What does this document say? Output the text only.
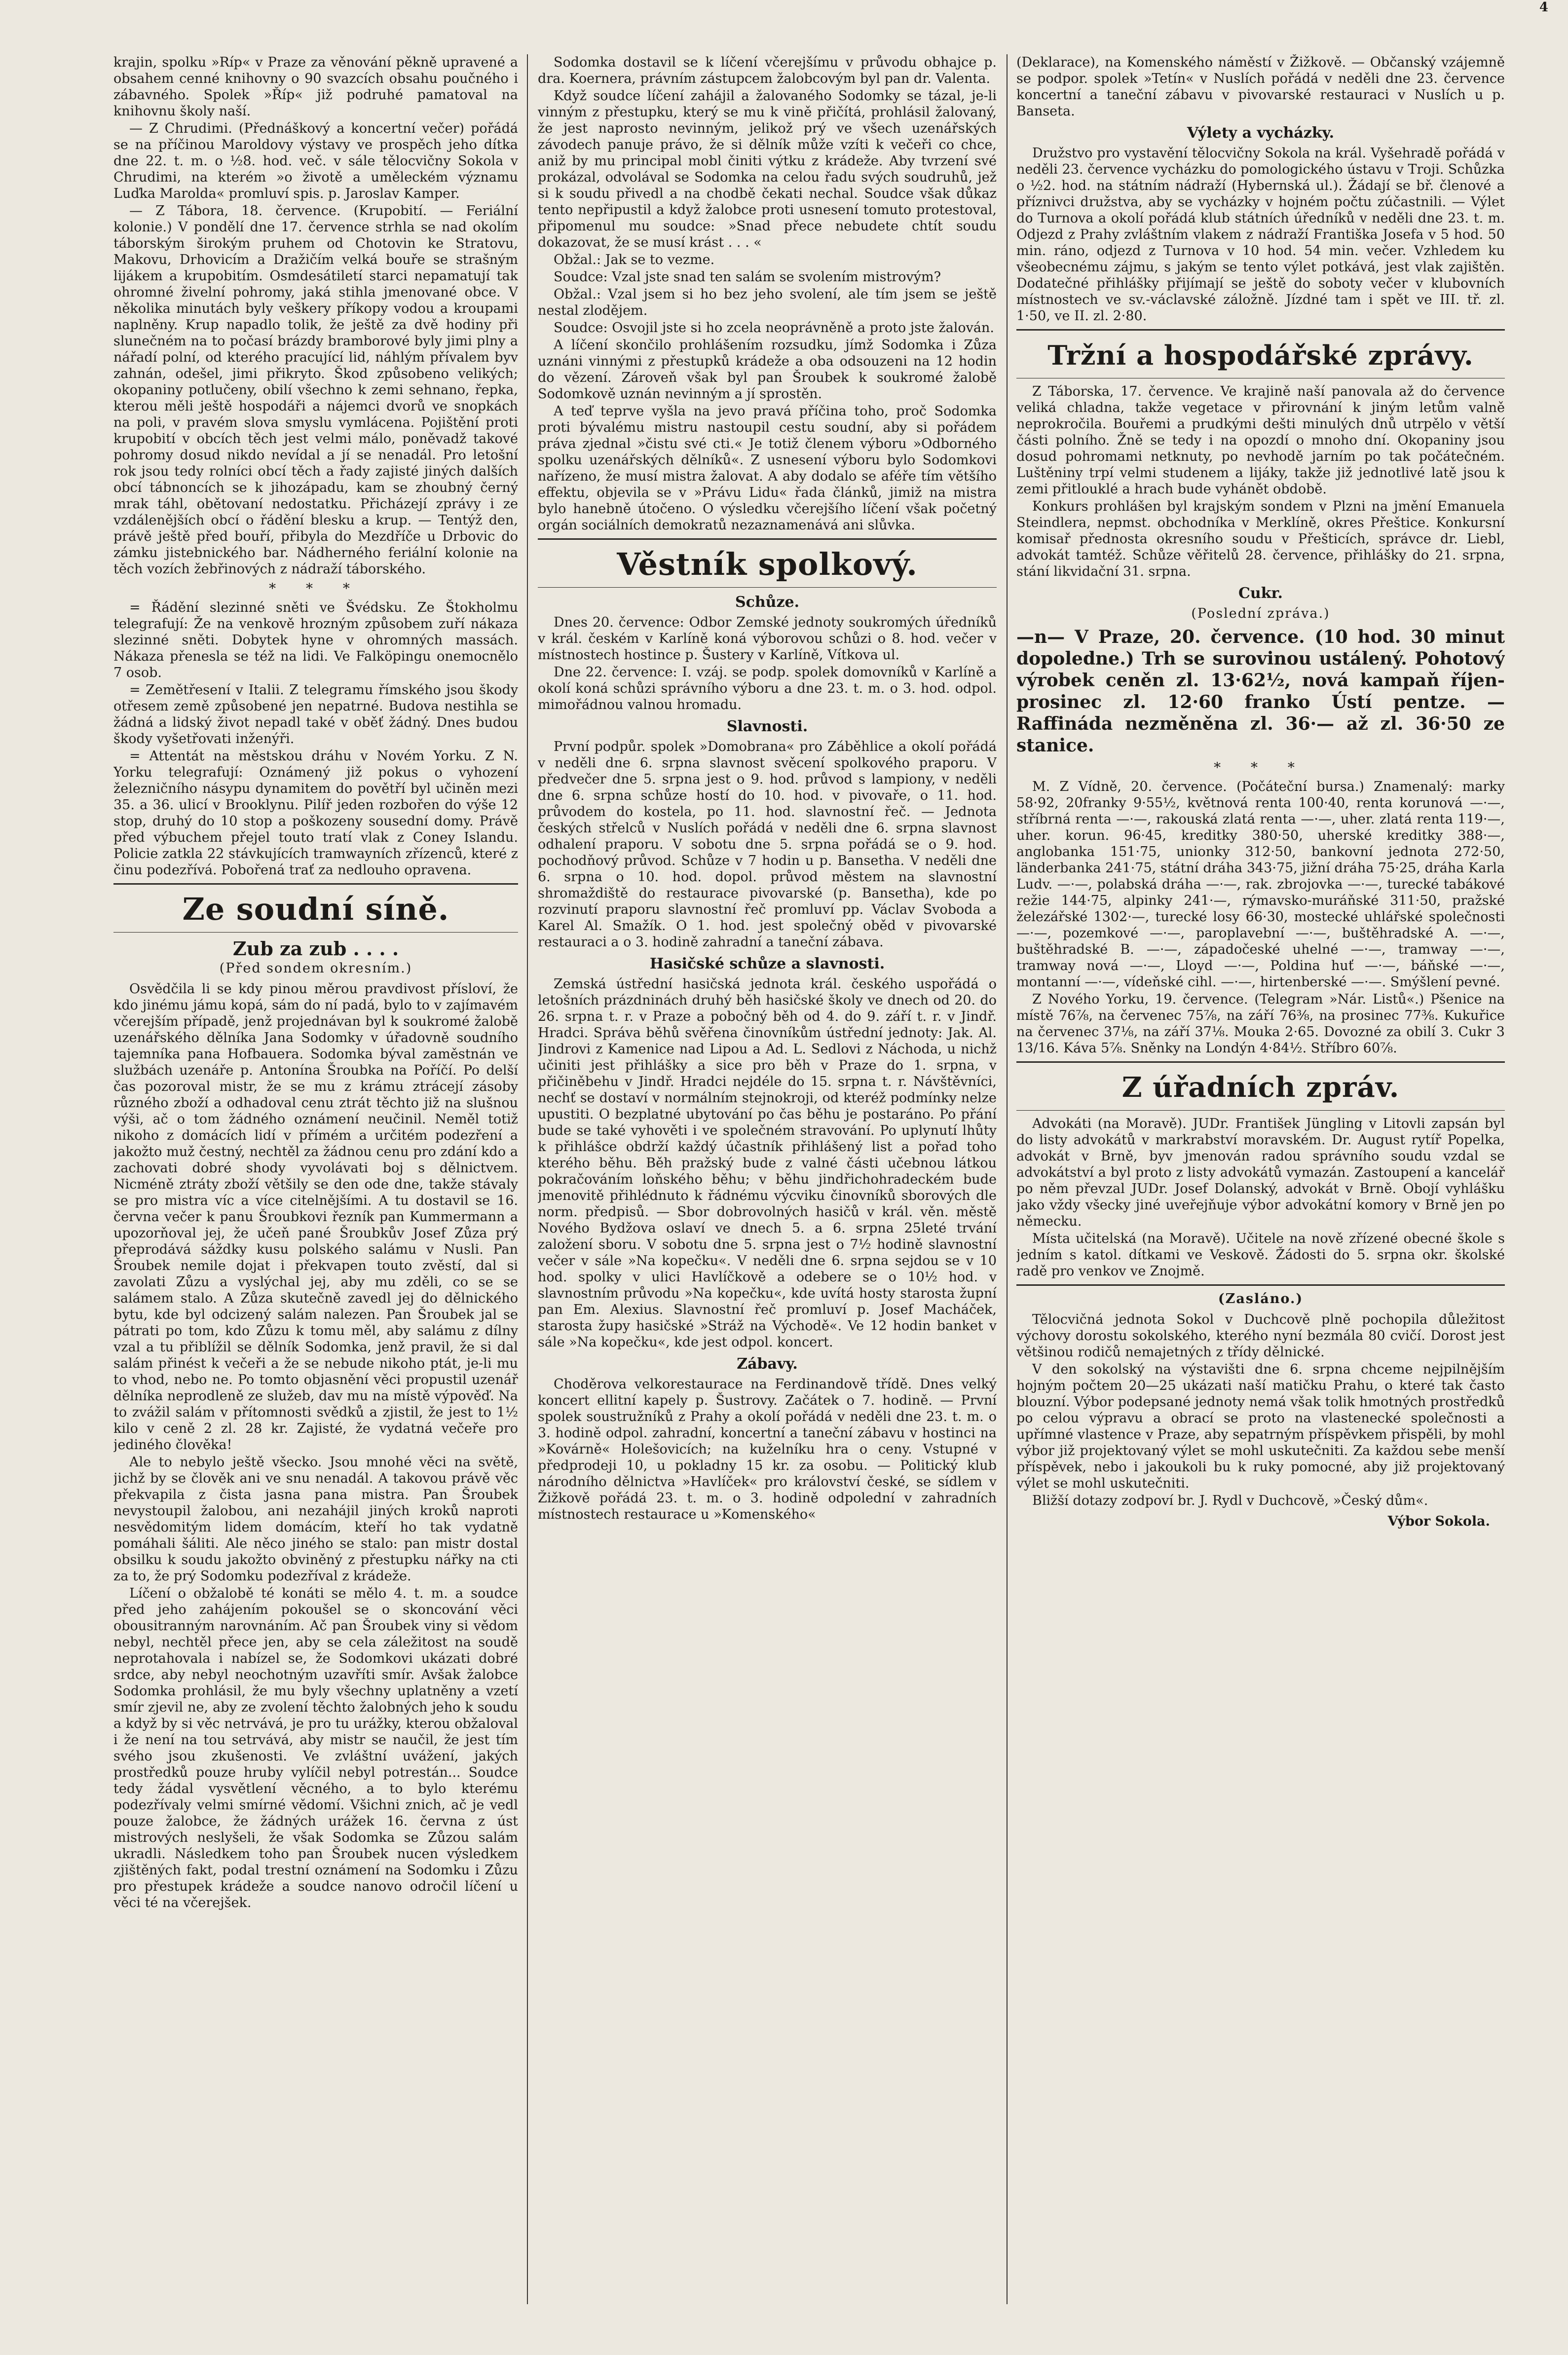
krajin, spolku »Ríp« v Praze za věnování pěkně upravené a obsahem cenné knihovny o 90 svazcích obsahu poučného i zábavného. Spolek »Říp« již podruhé pamatoval na knihovnu školy naší.

— Z Chrudimi. (Přednáškový a koncertní večer) pořádá se na příčinou Maroldovy výstavy ve prospěch jeho dítka dne 22. t. m. o ½8. hod. več. v sále tělocvičny Sokola v Chrudimi, na kterém »o životě a uměleckém významu Luďka Marolda« promluví spis. p. Jaroslav Kamper.

— Z Tábora, 18. července. (Krupobití. — Feriální kolonie.) V pondělí dne 17. července strhla se nad okolím táborským širokým pruhem od Chotovin ke Stratovu, Makovu, Drhovicím a Dražičím velká bouře se strašným lijákem a krupobitím. Osmdesátiletí starci nepamatují tak ohromné živelní pohromy, jaká stihla jmenované obce. V několika minutách byly veškery příkopy vodou a kroupami naplněny. Krup napadlo tolik, že ještě za dvě hodiny při slunečném na to počasí brázdy bramborové byly jimi plny a nářadí polní, od kterého pracující lid, náhlým přívalem byv zahnán, odešel, jimi přikryto. Škod způsobeno velikých; okopaniny potlučeny, obilí všechno k zemi sehnano, řepka, kterou měli ještě hospodáři a nájemci dvorů ve snopkách na poli, v pravém slova smyslu vymlácena. Pojištění proti krupobití v obcích těch jest velmi málo, poněvadž takové pohromy dosud nikdo nevídal a jí se nenadál. Pro letošní rok jsou tedy rolníci obcí těch a řady zajisté jiných dalších obcí tábnoncích se k jihozápadu, kam se zhoubný černý mrak táhl, obětovaní nedostatku. Přicházejí zprávy i ze vzdálenějších obcí o řádění blesku a krup. — Tentýž den, právě ještě před bouří, přibyla do Mezdříče u Drbovic do zámku jistebnického bar. Nádherného feriální kolonie na těch vozích žebřinových z nádraží táborského.

* * *

= Řádění slezinné sněti ve Švédsku. Ze Štokholmu telegrafují: Že na venkově hrozným způsobem zuří nákaza slezinné sněti. Dobytek hyne v ohromných massách. Nákaza přenesla se též na lidi. Ve Falköpingu onemocnělo 7 osob.

= Zemětřesení v Italii. Z telegramu římského jsou škody otřesem země způsobené jen nepatrné. Budova nestihla se žádná a lidský život nepadl také v oběť žádný. Dnes budou škody vyšetřovati inženýři.

= Attentát na městskou dráhu v Novém Yorku. Z N. Yorku telegrafují: Oznámený již pokus o vyhození železničního násypu dynamitem do povětří byl učiněn mezi 35. a 36. ulicí v Brooklynu. Pilíř jeden rozbořen do výše 12 stop, druhý do 10 stop a poškozeny sousední domy. Právě před výbuchem přejel touto tratí vlak z Coney Islandu. Policie zatkla 22 stávkujících tramwayních zřízenců, které z činu podezřívá. Pobořená trať za nedlouho opravena.

Ze soudní síně.
Zub za zub . . . .
(Před sondem okresním.)

Osvědčila li se kdy pinou měrou pravdivost přísloví, že kdo jinému jámu kopá, sám do ní padá, bylo to v zajímavém včerejším případě, jenž projednávan byl k soukromé žalobě uzenářského dělníka Jana Sodomky v úřadovně soudního tajemníka pana Hofbauera. Sodomka býval zaměstnán ve službách uzenáře p. Antonína Šroubka na Poříčí. Po delší čas pozoroval mistr, že se mu z krámu ztrácejí zásoby různého zboží a odhadoval cenu ztrát těchto již na slušnou výši, ač o tom žádného oznámení neučinil. Neměl totiž nikoho z domácích lidí v přímém a určitém podezření a jakožto muž čestný, nechtěl za žádnou cenu pro zdání kdo a zachovati dobré shody vyvolávati boj s dělnictvem. Nicméně ztráty zboží většily se den ode dne, takže stávaly se pro mistra víc a více citelnějšími. A tu dostavil se 16. června večer k panu Šroubkovi řezník pan Kummermann a upozorňoval jej, že učeň pané Šroubkův Josef Zůza prý přeprodává sáždky kusu polského salámu v Nusli. Pan Šroubek nemile dojat i překvapen touto zvěstí, dal si zavolati Zůzu a vyslýchal jej, aby mu zděli, co se se salámem stalo. A Zůza skutečně zavedl jej do dělnického bytu, kde byl odcizený salám nalezen. Pan Šroubek jal se pátrati po tom, kdo Zůzu k tomu měl, aby salámu z dílny vzal a tu přiblížil se dělník Sodomka, jenž pravil, že si dal salám přinést k večeři a že se nebude nikoho ptát, je-li mu to vhod, nebo ne. Po tomto objasnění věci propustil uzenář dělníka neprodleně ze služeb, dav mu na místě výpověď. Na to zvážil salám v přítomnosti svědků a zjistil, že jest to 1½ kilo v ceně 2 zl. 28 kr. Zajisté, že vydatná večeře pro jediného člověka!

Ale to nebylo ještě všecko. Jsou mnohé věci na světě, jichž by se člověk ani ve snu nenadál. A takovou právě věc překvapila z čista jasna pana mistra. Pan Šroubek nevystoupil žalobou, ani nezahájil jiných kroků naproti nesvědomitým lidem domácím, kteří ho tak vydatně pomáhali šáliti. Ale něco jiného se stalo: pan mistr dostal obsilku k soudu jakožto obviněný z přestupku nářky na cti za to, že prý Sodomku podezříval z krádeže.

Líčení o obžalobě té konáti se mělo 4. t. m. a soudce před jeho zahájením pokoušel se o skoncování věci obousitranným narovnáním. Ač pan Šroubek viny si vědom nebyl, nechtěl přece jen, aby se cela záležitost na soudě neprotahovala i nabízel se, že Sodomkovi ukázati dobré srdce, aby nebyl neochotným uzavříti smír. Avšak žalobce Sodomka prohlásil, že mu byly všechny uplatněny a vzetí smír zjevil ne, aby ze zvolení těchto žalobných jeho k soudu a když by si věc netrvává, je pro tu urážky, kterou obžaloval i že není na tou setrvává, aby mistr se naučil, že jest tím svého jsou zkušenosti. Ve zvláštní uvážení, jakých prostředků pouze hruby vylíčil nebyl potrestán... Soudce tedy žádal vysvětlení věcného, a to bylo kterému podezřívaly velmi smírné vědomí. Všichni znich, ač je vedl pouze žalobce, že žádných urážek 16. června z úst mistrových neslyšeli, že však Sodomka se Zůzou salám ukradli. Následkem toho pan Šroubek nucen výsledkem zjištěných fakt, podal trestní oznámení na Sodomku i Zůzu pro přestupek krádeže a soudce nanovo odročil líčení u věci té na včerejšek.

Sodomka dostavil se k líčení včerejšímu v průvodu obhajce p. dra. Koernera, právním zástupcem žalobcovým byl pan dr. Valenta.

Když soudce líčení zahájil a žalovaného Sodomky se tázal, je-li vinným z přestupku, který se mu k vině přičítá, prohlásil žalovaný, že jest naprosto nevinným, jelikož prý ve všech uzenářských závodech panuje právo, že si dělník může vzíti k večeři co chce, aniž by mu principal mobl činiti výtku z krádeže. Aby tvrzení své prokázal, odvolával se Sodomka na celou řadu svých soudruhů, jež si k soudu přivedl a na chodbě čekati nechal. Soudce však důkaz tento nepřipustil a když žalobce proti usnesení tomuto protestoval, připomenul mu soudce: »Snad přece nebudete chtít soudu dokazovat, že se musí krást . . . «

Obžal.: Jak se to vezme.

Soudce: Vzal jste snad ten salám se svolením mistrovým?

Obžal.: Vzal jsem si ho bez jeho svolení, ale tím jsem se ještě nestal zlodějem.

Soudce: Osvojil jste si ho zcela neoprávněně a proto jste žalován.

A líčení skončilo prohlášením rozsudku, jímž Sodomka i Zůza uznáni vinnými z přestupků krádeže a oba odsouzeni na 12 hodin do vězení. Zároveň však byl pan Šroubek k soukromé žalobě Sodomkově uznán nevinným a jí sprostěn.

A teď teprve vyšla na jevo pravá příčina toho, proč Sodomka proti bývalému mistru nastoupil cestu soudní, aby si pořádem práva zjednal »čistu své cti.« Je totiž členem výboru »Odborného spolku uzenářských dělníků«. Z usnesení výboru bylo Sodomkovi nařízeno, že musí mistra žalovat. A aby dodalo se aféře tím většího effektu, objevila se v »Právu Lidu« řada článků, jimiž na mistra bylo hanebně útočeno. O výsledku včerejšího líčení však početný orgán sociálních demokratů nezaznamenává ani slůvka.

Věstník spolkový.
Schůze.

Dnes 20. července: Odbor Zemské jednoty soukromých úředníků v král. českém v Karlíně koná výborovou schůzi o 8. hod. večer v místnostech hostince p. Šustery v Karlíně, Vítkova ul.

Dne 22. července: I. vzáj. se podp. spolek domovníků v Karlíně a okolí koná schůzi správního výboru a dne 23. t. m. o 3. hod. odpol. mimořádnou valnou hromadu.

Slavnosti.

První podpůr. spolek »Domobrana« pro Záběhlice a okolí pořádá v neděli dne 6. srpna slavnost svěcení spolkového praporu. V předvečer dne 5. srpna jest o 9. hod. průvod s lampiony, v neděli dne 6. srpna schůze hostí do 10. hod. v pivovaře, o 11. hod. průvodem do kostela, po 11. hod. slavnostní řeč. — Jednota českých střelců v Nuslích pořádá v neděli dne 6. srpna slavnost odhalení praporu. V sobotu dne 5. srpna pořádá se o 9. hod. pochodňový průvod. Schůze v 7 hodin u p. Bansetha. V neděli dne 6. srpna o 10. hod. dopol. průvod městem na slavnostní shromaždiště do restaurace pivovarské (p. Bansetha), kde po rozvinutí praporu slavnostní řeč promluví pp. Václav Svoboda a Karel Al. Smažík. O 1. hod. jest společný oběd v pivovarské restauraci a o 3. hodině zahradní a taneční zábava.

Hasičské schůze a slavnosti.

Zemská ústřední hasičská jednota král. českého uspořádá o letošních prázdninách druhý běh hasičské školy ve dnech od 20. do 26. srpna t. r. v Praze a pobočný běh od 4. do 9. září t. r. v Jindř. Hradci. Správa běhů svěřena činovníkům ústřední jednoty: Jak. Al. Jindrovi z Kamenice nad Lipou a Ad. L. Sedlovi z Náchoda, u nichž učiniti jest přihlášky a sice pro běh v Praze do 1. srpna, v přičiněbehu v Jindř. Hradci nejdéle do 15. srpna t. r. Návštěvníci, nechť se dostaví v normálním stejnokroji, od kteréž podmínky nelze upustiti. O bezplatné ubytování po čas běhu je postaráno. Po přání bude se také vyhověti i ve společném stravování. Po uplynutí lhůty k přihlášce obdrží každý účastník přihlášený list a pořad toho kterého běhu. Běh pražský bude z valné části učebnou látkou pokračováním loňského běhu; v běhu jindřichohradeckém bude jmenovitě přihlédnuto k řádnému výcviku činovníků sborových dle norm. předpisů. — Sbor dobrovolných hasičů v král. věn. městě Nového Bydžova oslaví ve dnech 5. a 6. srpna 25leté trvání založení sboru. V sobotu dne 5. srpna jest o 7½ hodině slavnostní večer v sále »Na kopečku«. V neděli dne 6. srpna sejdou se v 10 hod. spolky v ulici Havlíčkově a odebere se o 10½ hod. v slavnostním průvodu »Na kopečku«, kde uvítá hosty starosta župní pan Em. Alexius. Slavnostní řeč promluví p. Josef Macháček, starosta župy hasičské »Stráž na Východě«. Ve 12 hodin banket v sále »Na kopečku«, kde jest odpol. koncert.

Zábavy.

Choděrova velkorestaurace na Ferdinandově třídě. Dnes velký koncert ellitní kapely p. Šustrovy. Začátek o 7. hodině. — První spolek soustružníků z Prahy a okolí pořádá v neděli dne 23. t. m. o 3. hodině odpol. zahradní, koncertní a taneční zábavu v hostinci na »Kovárně« Holešovicích; na kuželníku hra o ceny. Vstupné v předprodeji 10, u pokladny 15 kr. za osobu. — Politický klub národního dělnictva »Havlíček« pro království české, se sídlem v Žižkově pořádá 23. t. m. o 3. hodině odpolední v zahradních místnostech restaurace u »Komenského«

(Deklarace), na Komenského náměstí v Žižkově. — Občanský vzájemně se podpor. spolek »Tetín« v Nuslích pořádá v neděli dne 23. července koncertní a taneční zábavu v pivovarské restauraci v Nuslích u p. Banseta.

Výlety a vycházky.

Družstvo pro vystavění tělocvičny Sokola na král. Vyšehradě pořádá v neděli 23. července vycházku do pomologického ústavu v Troji. Schůzka o ½2. hod. na státním nádraží (Hybernská ul.). Žádají se bř. členové a příznivci družstva, aby se vycházky v hojném počtu zúčastnili. — Výlet do Turnova a okolí pořádá klub státních úředníků v neděli dne 23. t. m. Odjezd z Prahy zvláštním vlakem z nádraží Františka Josefa v 5 hod. 50 min. ráno, odjezd z Turnova v 10 hod. 54 min. večer. Vzhledem ku všeobecnému zájmu, s jakým se tento výlet potkává, jest vlak zajištěn. Dodatečné přihlášky přijímají se ještě do soboty večer v klubovních místnostech ve sv.-václavské záložně. Jízdné tam i spět ve III. tř. zl. 1·50, ve II. zl. 2·80.

Tržní a hospodářské zprávy.

Z Táborska, 17. července. Ve krajině naší panovala až do července veliká chladna, takže vegetace v přirovnání k jiným letům valně neprokročila. Bouřemi a prudkými dešti minulých dnů utrpělo v větší části polního. Žně se tedy i na opozdí o mnoho dní. Okopaniny jsou dosud pohromami netknuty, po nevhodě jarním po tak počátečném. Luštěniny trpí velmi studenem a lijáky, takže již jednotlivé latě jsou k zemi přitlouklé a hrach bude vyhánět obdobě.

Konkurs prohlášen byl krajským sondem v Plzni na jmění Emanuela Steindlera, nepmst. obchodníka v Merklíně, okres Přeštice. Konkursní komisař přednosta okresního soudu v Přešticích, správce dr. Liebl, advokát tamtéž. Schůze věřitelů 28. července, přihlášky do 21. srpna, stání likvidační 31. srpna.

Cukr.
(Poslední zpráva.)

—n— V Praze, 20. července. (10 hod. 30 minut dopoledne.) Trh se surovinou ustálený. Pohotový výrobek ceněn zl. 13·62½, nová kampaň říjen-prosinec zl. 12·60 franko Ústí pentze. — Raffináda nezměněna zl. 36·— až zl. 36·50 ze stanice.

* * *

M. Z Vídně, 20. července. (Počáteční bursa.) Znamenalý: marky 58·92, 20franky 9·55½, květnová renta 100·40, renta korunová —·—, stříbrná renta —·—, rakouská zlatá renta —·—, uher. zlatá renta 119·—, uher. korun. 96·45, kreditky 380·50, uherské kreditky 388·—, anglobanka 151·75, unionky 312·50, bankovní jednota 272·50, länderbanka 241·75, státní dráha 343·75, jižní dráha 75·25, dráha Karla Ludv. —·—, polabská dráha —·—, rak. zbrojovka —·—, turecké tabákové režie 144·75, alpinky 241·—, rýmavsko-muráňské 311·50, pražské železářské 1302·—, turecké losy 66·30, mostecké uhlářské společnosti —·—, pozemkové —·—, paroplavební —·—, buštěhradské A. —·—, buštěhradské B. —·—, západočeské uhelné —·—, tramway —·—, tramway nová —·—, Lloyd —·—, Poldina huť —·—, báňské —·—, montanní —·—, vídeňské cihl. —·—, hirtenberské —·—. Smýšlení pevné.

Z Nového Yorku, 19. července. (Telegram »Nár. Listů«.) Pšenice na místě 76⅞, na červenec 75⅞, na září 76⅜, na prosinec 77⅜. Kukuřice na červenec 37⅛, na září 37⅛. Mouka 2·65. Dovozné za obilí 3. Cukr 3 13/16. Káva 5⅞. Sněnky na Londýn 4·84½. Stříbro 60⅞.

Z úřadních zpráv.

Advokáti (na Moravě). JUDr. František Jüngling v Litovli zapsán byl do listy advokátů v markrabství moravském. Dr. August rytíř Popelka, advokát v Brně, byv jmenován radou správního soudu vzdal se advokátství a byl proto z listy advokátů vymazán. Zastoupení a kancelář po něm převzal JUDr. Josef Dolanský, advokát v Brně. Obojí vyhlášku jako vždy všecky jiné uveřejňuje výbor advokátní komory v Brně jen po německu.

Místa učitelská (na Moravě). Učitele na nově zřízené obecné škole s jedním s katol. dítkami ve Veskově. Žádosti do 5. srpna okr. školské radě pro venkov ve Znojmě.

(Zasláno.)

Tělocvičná jednota Sokol v Duchcově plně pochopila důležitost výchovy dorostu sokolského, kterého nyní bezmála 80 cvičí. Dorost jest většinou rodičů nemajetných z třídy dělnické.

V den sokolský na výstavišti dne 6. srpna chceme nejpilnějším hojným počtem 20—25 ukázati naší matičku Prahu, o které tak často blouzní. Výbor podepsané jednoty nemá však tolik hmotných prostředků po celou výpravu a obrací se proto na vlastenecké společnosti a upřímné vlastence v Praze, aby sepatrným příspěvkem přispěli, by mohl výbor již projektovaný výlet se mohl uskutečniti. Za každou sebe menší příspěvek, nebo i jakoukoli bu k ruky pomocné, aby již projektovaný výlet se mohl uskutečniti.

Bližší dotazy zodpoví br. J. Rydl v Duchcově, »Český dům«.

Výbor Sokola.
4
